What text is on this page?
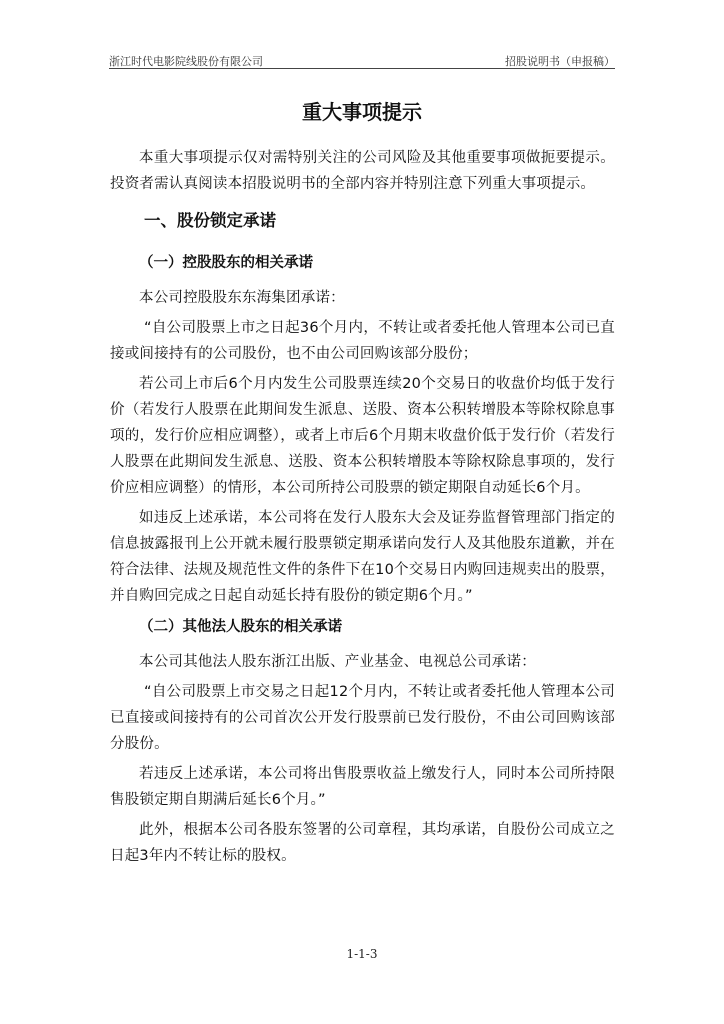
浙江时代电影院线股份有限公司	招股说明书（申报稿）
重大事项提示

本重大事项提示仅对需特别关注的公司风险及其他重要事项做扼要提示。投资者需认真阅读本招股说明书的全部内容并特别注意下列重大事项提示。

一、股份锁定承诺
（一）控股股东的相关承诺

本公司控股股东东海集团承诺：

“自公司股票上市之日起36个月内，不转让或者委托他人管理本公司已直接或间接持有的公司股份，也不由公司回购该部分股份；

若公司上市后6个月内发生公司股票连续20个交易日的收盘价均低于发行价（若发行人股票在此期间发生派息、送股、资本公积转增股本等除权除息事项的，发行价应相应调整），或者上市后6个月期末收盘价低于发行价（若发行人股票在此期间发生派息、送股、资本公积转增股本等除权除息事项的，发行价应相应调整）的情形，本公司所持公司股票的锁定期限自动延长6个月。

如违反上述承诺，本公司将在发行人股东大会及证券监督管理部门指定的信息披露报刊上公开就未履行股票锁定期承诺向发行人及其他股东道歉，并在符合法律、法规及规范性文件的条件下在10个交易日内购回违规卖出的股票，并自购回完成之日起自动延长持有股份的锁定期6个月。”

（二）其他法人股东的相关承诺

本公司其他法人股东浙江出版、产业基金、电视总公司承诺：

“自公司股票上市交易之日起12个月内，不转让或者委托他人管理本公司已直接或间接持有的公司首次公开发行股票前已发行股份，不由公司回购该部分股份。

若违反上述承诺，本公司将出售股票收益上缴发行人，同时本公司所持限售股锁定期自期满后延长6个月。”

此外，根据本公司各股东签署的公司章程，其均承诺，自股份公司成立之日起3年内不转让标的股权。

1-1-3
